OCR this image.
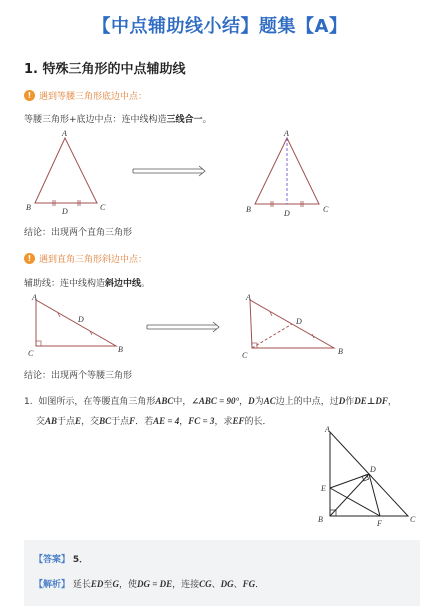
【中点辅助线小结】题集【A】
1. 特殊三角形的中点辅助线
! 遇到等腰三角形底边中点：
等腰三角形+底边中点：连中线构造三线合一。
A
B	C
D
A
B	C
D
结论：出现两个直角三角形
! 遇到直角三角形斜边中点：
辅助线：连中线构造斜边中线。
A
C	B
D
A
C	B
D
结论：出现两个等腰三角形
1. 如图所示，在等腰直角三角形ABC中，∠ABC = 90°，D为AC边上的中点，过D作DE⊥DF，
交AB于点E，交BC于点F．若AE = 4，FC = 3，求EF的长．
A
D
E
B	F	C
【答案】 5．
【解析】 延长ED至G，使DG = DE，连接CG、DG、FG．
